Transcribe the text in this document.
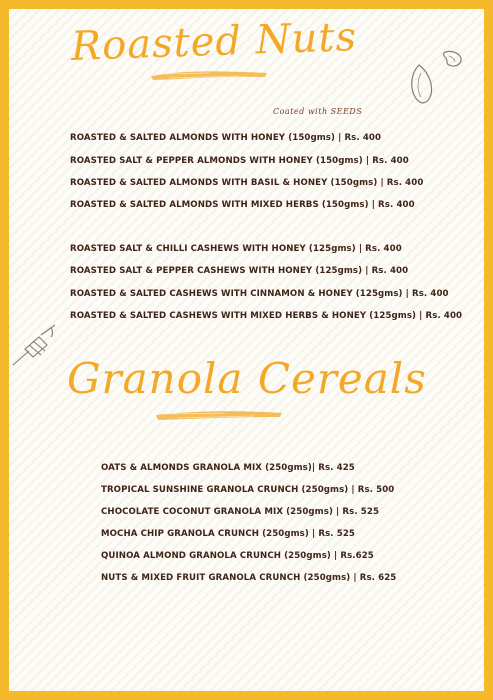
Roasted Nuts
Coated with SEEDS
ROASTED & SALTED ALMONDS WITH HONEY (150gms) | Rs. 400
ROASTED SALT & PEPPER ALMONDS WITH HONEY (150gms) | Rs. 400
ROASTED & SALTED ALMONDS WITH BASIL & HONEY (150gms) | Rs. 400
ROASTED & SALTED ALMONDS WITH MIXED HERBS (150gms) | Rs. 400
ROASTED SALT & CHILLI CASHEWS WITH HONEY (125gms) | Rs. 400
ROASTED SALT & PEPPER CASHEWS WITH HONEY (125gms) | Rs. 400
ROASTED & SALTED CASHEWS WITH CINNAMON & HONEY (125gms) | Rs. 400
ROASTED & SALTED CASHEWS WITH MIXED HERBS & HONEY (125gms) | Rs. 400
Granola Cereals
OATS & ALMONDS GRANOLA MIX (250gms)| Rs. 425
TROPICAL SUNSHINE GRANOLA CRUNCH (250gms) | Rs. 500
CHOCOLATE COCONUT GRANOLA MIX (250gms) | Rs. 525
MOCHA CHIP GRANOLA CRUNCH (250gms) | Rs. 525
QUINOA ALMOND GRANOLA CRUNCH (250gms) | Rs.625
NUTS & MIXED FRUIT GRANOLA CRUNCH (250gms) | Rs. 625
